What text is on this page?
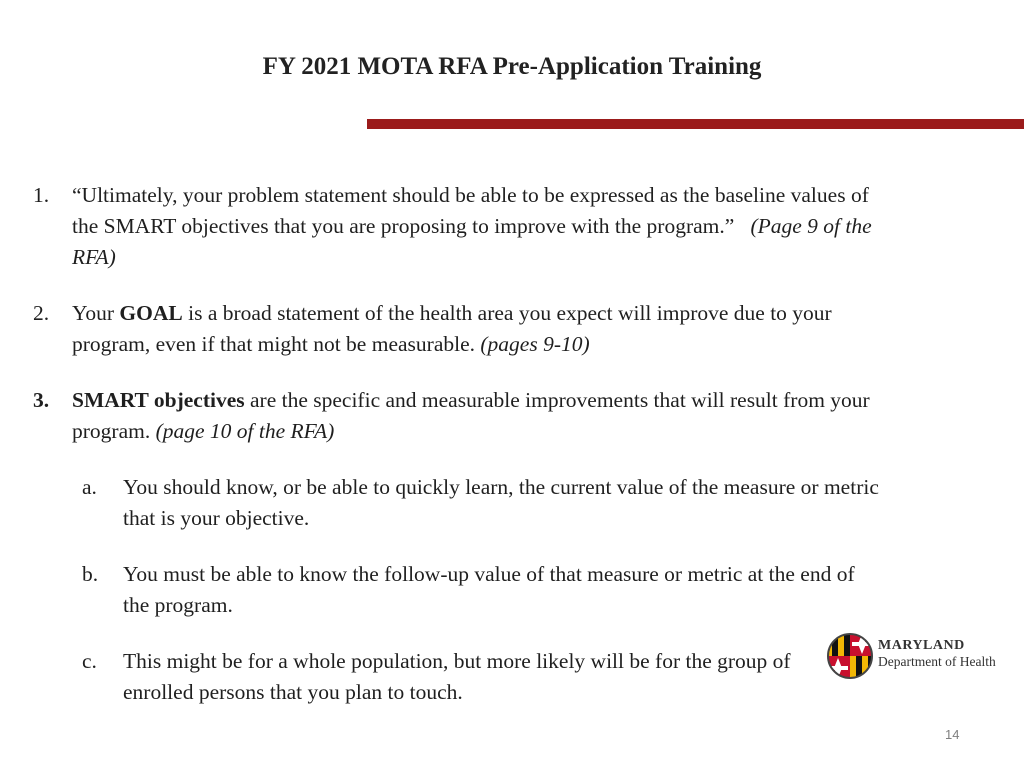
FY 2021 MOTA RFA Pre-Application Training
1. “Ultimately, your problem statement should be able to be expressed as the baseline values of the SMART objectives that you are proposing to improve with the program.” (Page 9 of the RFA)
2. Your GOAL is a broad statement of the health area you expect will improve due to your program, even if that might not be measurable. (pages 9-10)
3. SMART objectives are the specific and measurable improvements that will result from your program. (page 10 of the RFA)
a. You should know, or be able to quickly learn, the current value of the measure or metric that is your objective.
b. You must be able to know the follow-up value of that measure or metric at the end of the program.
c. This might be for a whole population, but more likely will be for the group of enrolled persons that you plan to touch.
MARYLAND
Department of Health
14
